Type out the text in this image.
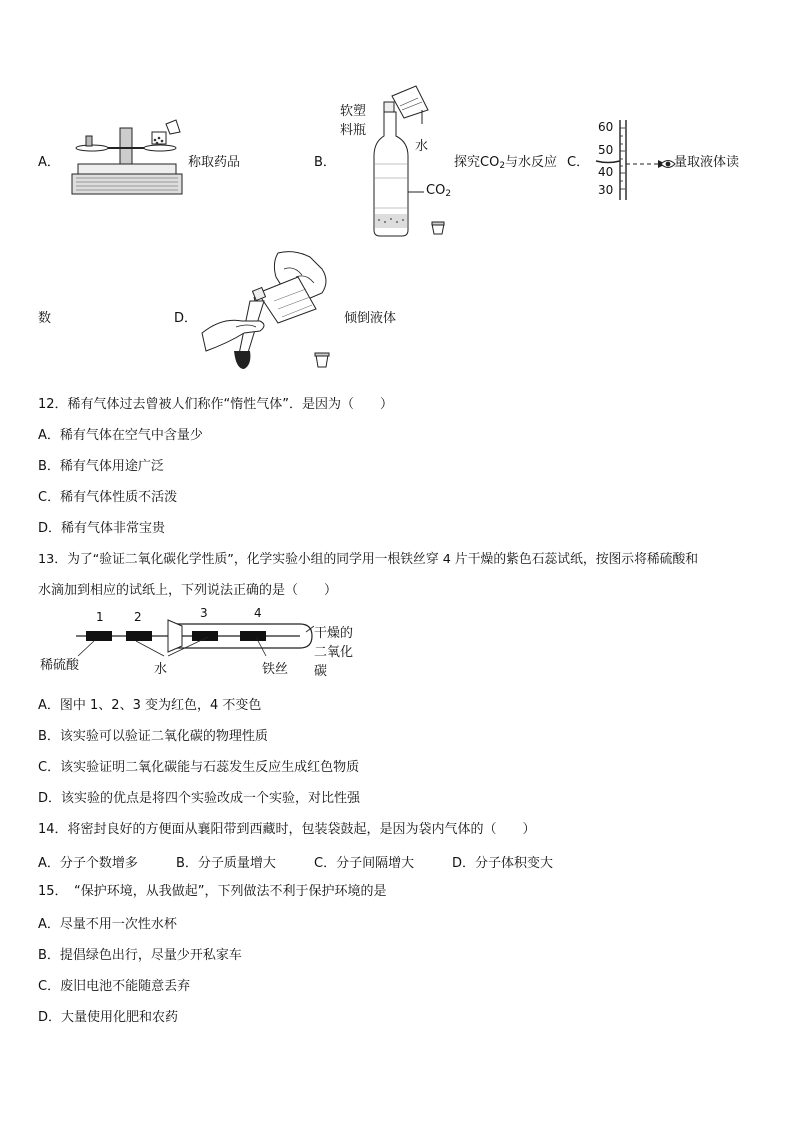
A．	称取药品	B．
软塑
料瓶
水
$CO_2$
探究$CO_2$与水反应 C．
60
50
40
30
量取液体读
数	D．	倾倒液体
12．稀有气体过去曾被人们称作“惰性气体”．是因为（　　）
A．稀有气体在空气中含量少
B．稀有气体用途广泛
C．稀有气体性质不活泼
D．稀有气体非常宝贵
13．为了“验证二氧化碳化学性质”，化学实验小组的同学用一根铁丝穿 4 片干燥的紫色石蕊试纸，按图示将稀硫酸和
水滴加到相应的试纸上，下列说法正确的是（　　）
1	2	3	4
稀硫酸	水	铁丝
干燥的
二氧化
碳
A．图中 1、2、3 变为红色，4 不变色
B．该实验可以验证二氧化碳的物理性质
C．该实验证明二氧化碳能与石蕊发生反应生成红色物质
D．该实验的优点是将四个实验改成一个实验，对比性强
14．将密封良好的方便面从襄阳带到西藏时，包装袋鼓起，是因为袋内气体的（　　）
A．分子个数增多	B．分子质量增大	C．分子间隔增大	D．分子体积变大
15．　“保护环境，从我做起”，下列做法不利于保护环境的是
A．尽量不用一次性水杯
B．提倡绿色出行，尽量少开私家车
C．废旧电池不能随意丢弃
D．大量使用化肥和农药
